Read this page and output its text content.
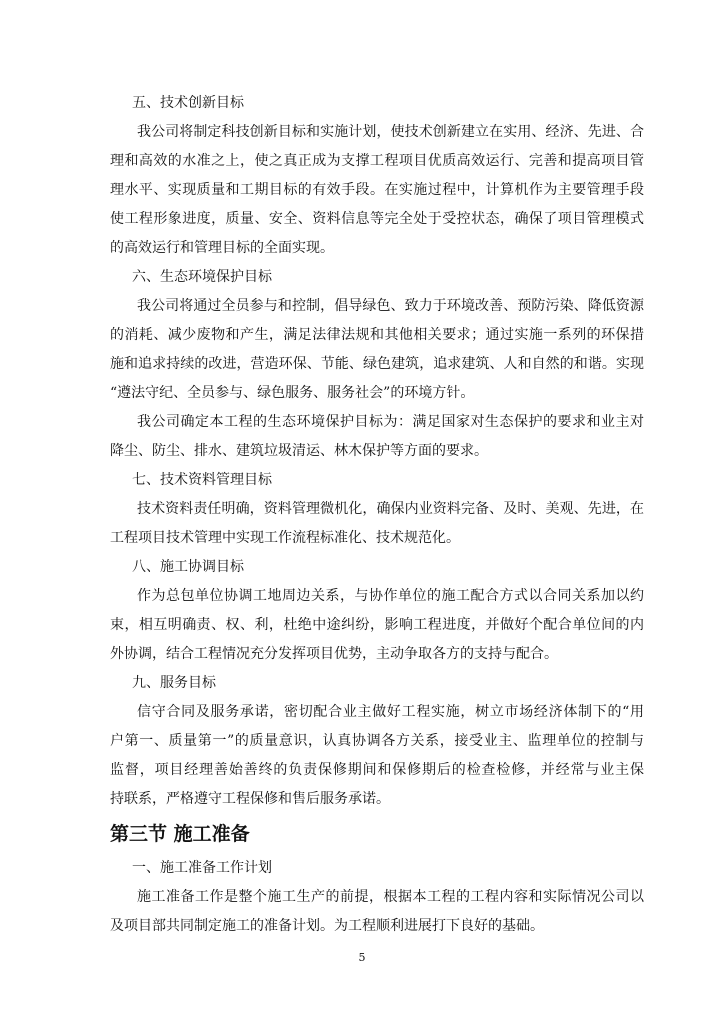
五、技术创新目标
我公司将制定科技创新目标和实施计划，使技术创新建立在实用、经济、先进、合
理和高效的水准之上，使之真正成为支撑工程项目优质高效运行、完善和提高项目管
理水平、实现质量和工期目标的有效手段。在实施过程中，计算机作为主要管理手段
使工程形象进度，质量、安全、资料信息等完全处于受控状态，确保了项目管理模式
的高效运行和管理目标的全面实现。
六、生态环境保护目标
我公司将通过全员参与和控制，倡导绿色、致力于环境改善、预防污染、降低资源
的消耗、减少废物和产生，满足法律法规和其他相关要求；通过实施一系列的环保措
施和追求持续的改进，营造环保、节能、绿色建筑，追求建筑、人和自然的和谐。实现
“遵法守纪、全员参与、绿色服务、服务社会”的环境方针。
我公司确定本工程的生态环境保护目标为：满足国家对生态保护的要求和业主对
降尘、防尘、排水、建筑垃圾清运、林木保护等方面的要求。
七、技术资料管理目标
技术资料责任明确，资料管理微机化，确保内业资料完备、及时、美观、先进，在
工程项目技术管理中实现工作流程标准化、技术规范化。
八、施工协调目标
作为总包单位协调工地周边关系，与协作单位的施工配合方式以合同关系加以约
束，相互明确责、权、利，杜绝中途纠纷，影响工程进度，并做好个配合单位间的内
外协调，结合工程情况充分发挥项目优势，主动争取各方的支持与配合。
九、服务目标
信守合同及服务承诺，密切配合业主做好工程实施，树立市场经济体制下的“用
户第一、质量第一”的质量意识，认真协调各方关系，接受业主、监理单位的控制与
监督，项目经理善始善终的负责保修期间和保修期后的检查检修，并经常与业主保
持联系，严格遵守工程保修和售后服务承诺。
第三节 施工准备
一、施工准备工作计划
施工准备工作是整个施工生产的前提，根据本工程的工程内容和实际情况公司以
及项目部共同制定施工的准备计划。为工程顺利进展打下良好的基础。
5
